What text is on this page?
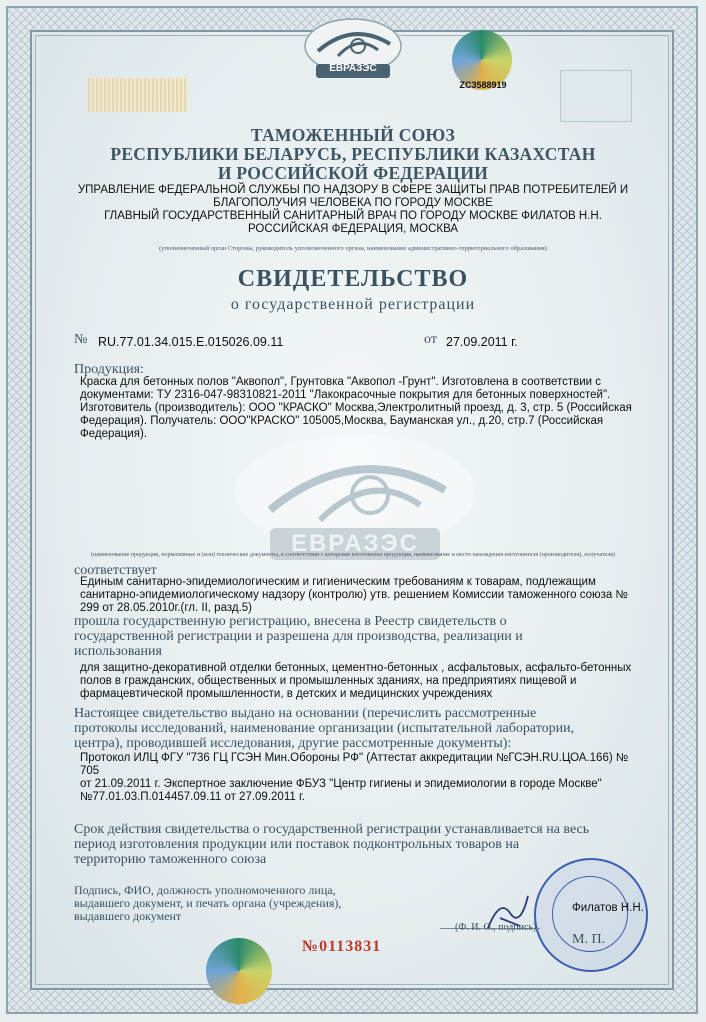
ЕВРАЗЭС
ZC3588919
ТАМОЖЕННЫЙ СОЮЗ
РЕСПУБЛИКИ БЕЛАРУСЬ, РЕСПУБЛИКИ КАЗАХСТАН
И РОССИЙСКОЙ ФЕДЕРАЦИИ
УПРАВЛЕНИЕ ФЕДЕРАЛЬНОЙ СЛУЖБЫ ПО НАДЗОРУ В СФЕРЕ ЗАЩИТЫ ПРАВ ПОТРЕБИТЕЛЕЙ И
БЛАГОПОЛУЧИЯ ЧЕЛОВЕКА ПО ГОРОДУ МОСКВЕ
ГЛАВНЫЙ ГОСУДАРСТВЕННЫЙ САНИТАРНЫЙ ВРАЧ ПО ГОРОДУ МОСКВЕ ФИЛАТОВ Н.Н.
РОССИЙСКАЯ ФЕДЕРАЦИЯ, МОСКВА
(уполномоченный орган Стороны, руководитель уполномоченного органа, наименование административно-территориального образования)
СВИДЕТЕЛЬСТВО
о государственной регистрации
№ RU.77.01.34.015.Е.015026.09.11	от 27.09.2011 г.
Продукция:
Краска для бетонных полов "Аквопол", Грунтовка "Аквопол -Грунт". Изготовлена в соответствии с
документами: ТУ 2316-047-98310821-2011 "Лакокрасочные покрытия для бетонных поверхностей".
Изготовитель (производитель): ООО "КРАСКО" Москва,Электролитный проезд, д. 3, стр. 5 (Российская
Федерация). Получатель: ООО"КРАСКО" 105005,Москва, Бауманская ул., д.20, стр.7 (Российская
Федерация).
ЕВРАЗЭС
(наименование продукции, нормативные и (или) технические документы, в соответствии с которыми изготовлена продукция, наименование и место нахождения изготовителя (производителя), получателя)
соответствует
Единым санитарно-эпидемиологическим и гигиеническим требованиям к товарам, подлежащим
санитарно-эпидемиологическому надзору (контролю) утв. решением Комиссии таможенного союза №
299 от 28.05.2010г.(гл. II, разд.5)
прошла государственную регистрацию, внесена в Реестр свидетельств о
государственной регистрации и разрешена для производства, реализации и
использования
для защитно-декоративной отделки бетонных, цементно-бетонных , асфальтовых, асфальто-бетонных
полов в гражданских, общественных и промышленных зданиях, на предприятиях пищевой и
фармацевтической промышленности, в детских и медицинских учреждениях
Настоящее свидетельство выдано на основании (перечислить рассмотренные
протоколы исследований, наименование организации (испытательной лаборатории,
центра), проводившей исследования, другие рассмотренные документы):
Протокол ИЛЦ ФГУ "736 ГЦ ГСЭН Мин.Обороны РФ" (Аттестат аккредитации №ГСЭН.RU.ЦОА.166) № 705
от 21.09.2011 г. Экспертное заключение ФБУЗ "Центр гигиены и эпидемиологии в городе Москве"
№77.01.03.П.014457.09.11 от 27.09.2011 г.
Срок действия свидетельства о государственной регистрации устанавливается на весь
период изготовления продукции или поставок подконтрольных товаров на
территорию таможенного союза
Подпись, ФИО, должность уполномоченного лица,
выдавшего документ, и печать органа (учреждения),
выдавшего документ
Филатов Н.Н.
(Ф. И. О., подпись)
М. П.
№0113831
